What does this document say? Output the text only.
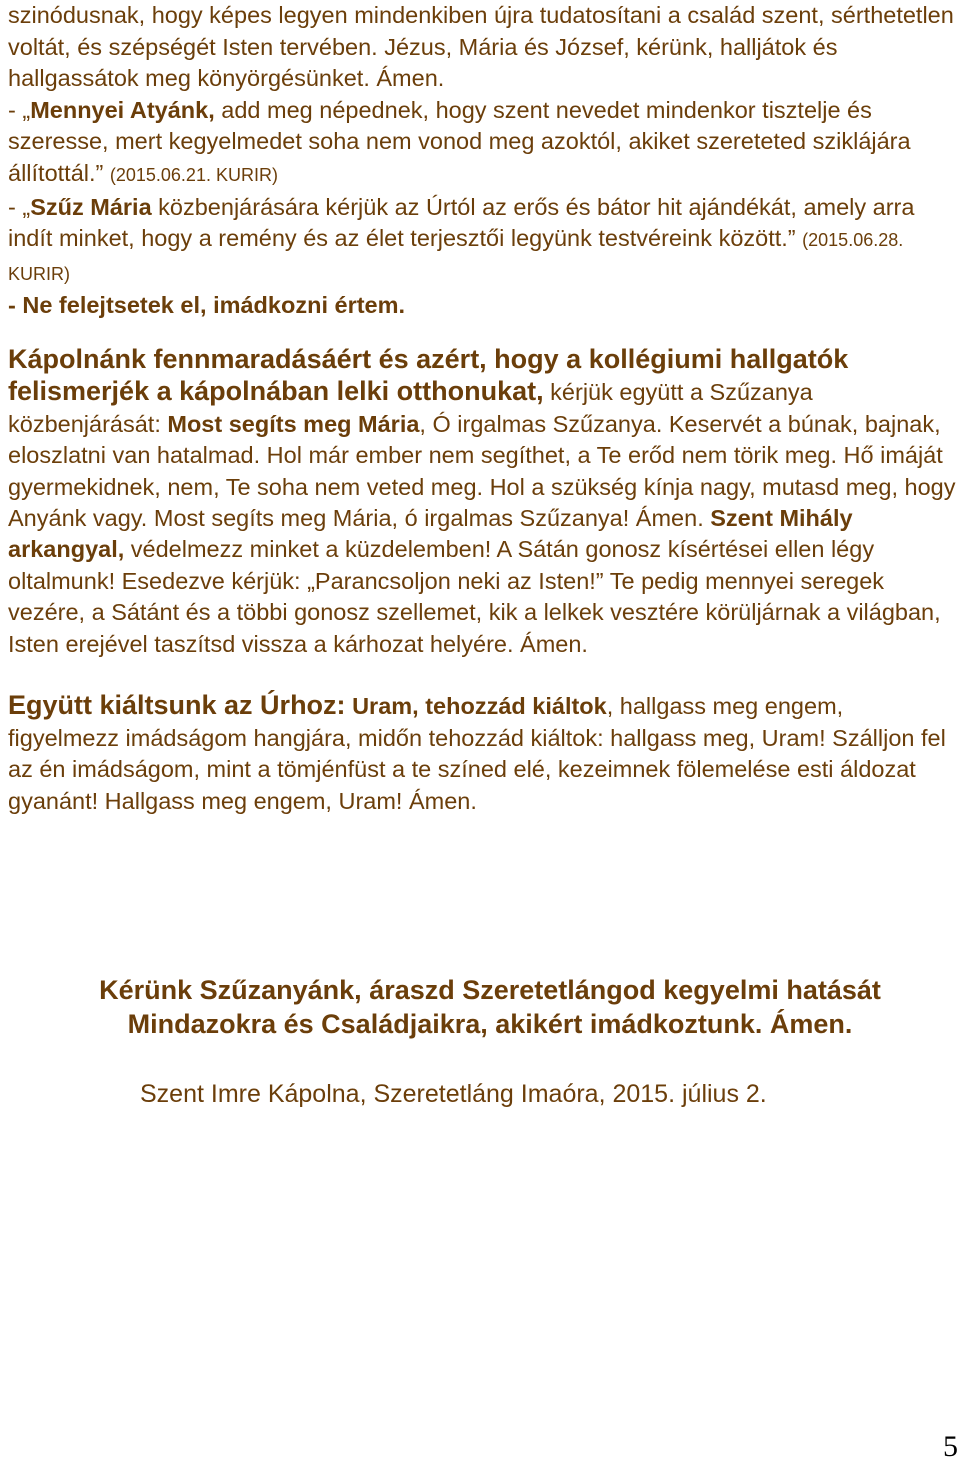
szinódusnak, hogy képes legyen mindenkiben újra tudatosítani a család szent, sérthetetlen voltát, és szépségét Isten tervében. Jézus, Mária és József, kérünk, halljátok és hallgassátok meg könyörgésünket. Ámen.
- „Mennyei Atyánk, add meg népednek, hogy szent nevedet mindenkor tisztelje és szeresse, mert kegyelmedet soha nem vonod meg azoktól, akiket szereteted sziklájára állítottál.” (2015.06.21. KURIR)
- „Szűz Mária közbenjárására kérjük az Úrtól az erős és bátor hit ajándékát, amely arra indít minket, hogy a remény és az élet terjesztői legyünk testvéreink között.” (2015.06.28. KURIR)
- Ne felejtsetek el, imádkozni értem.

Kápolnánk fennmaradásáért és azért, hogy a kollégiumi hallgatók felismerjék a kápolnában lelki otthonukat, kérjük együtt a Szűzanya közbenjárását: Most segíts meg Mária, Ó irgalmas Szűzanya. Keservét a búnak, bajnak, eloszlatni van hatalmad. Hol már ember nem segíthet, a Te erőd nem törik meg. Hő imáját gyermekidnek, nem, Te soha nem veted meg. Hol a szükség kínja nagy, mutasd meg, hogy Anyánk vagy. Most segíts meg Mária, ó irgalmas Szűzanya! Ámen. Szent Mihály arkangyal, védelmezz minket a küzdelemben! A Sátán gonosz kísértései ellen légy oltalmunk! Esedezve kérjük: „Parancsoljon neki az Isten!” Te pedig mennyei seregek vezére, a Sátánt és a többi gonosz szellemet, kik a lelkek vesztére körüljárnak a világban, Isten erejével taszítsd vissza a kárhozat helyére. Ámen.

Együtt kiáltsunk az Úrhoz: Uram, tehozzád kiáltok, hallgass meg engem, figyelmezz imádságom hangjára, midőn tehozzád kiáltok: hallgass meg, Uram! Szálljon fel az én imádságom, mint a tömjénfüst a te színed elé, kezeimnek fölemelése esti áldozat gyanánt! Hallgass meg engem, Uram! Ámen.

Kérünk Szűzanyánk, áraszd Szeretetlángod kegyelmi hatását
Mindazokra és Családjaikra, akikért imádkoztunk. Ámen.

Szent Imre Kápolna, Szeretetláng Imaóra, 2015. július 2.

5
